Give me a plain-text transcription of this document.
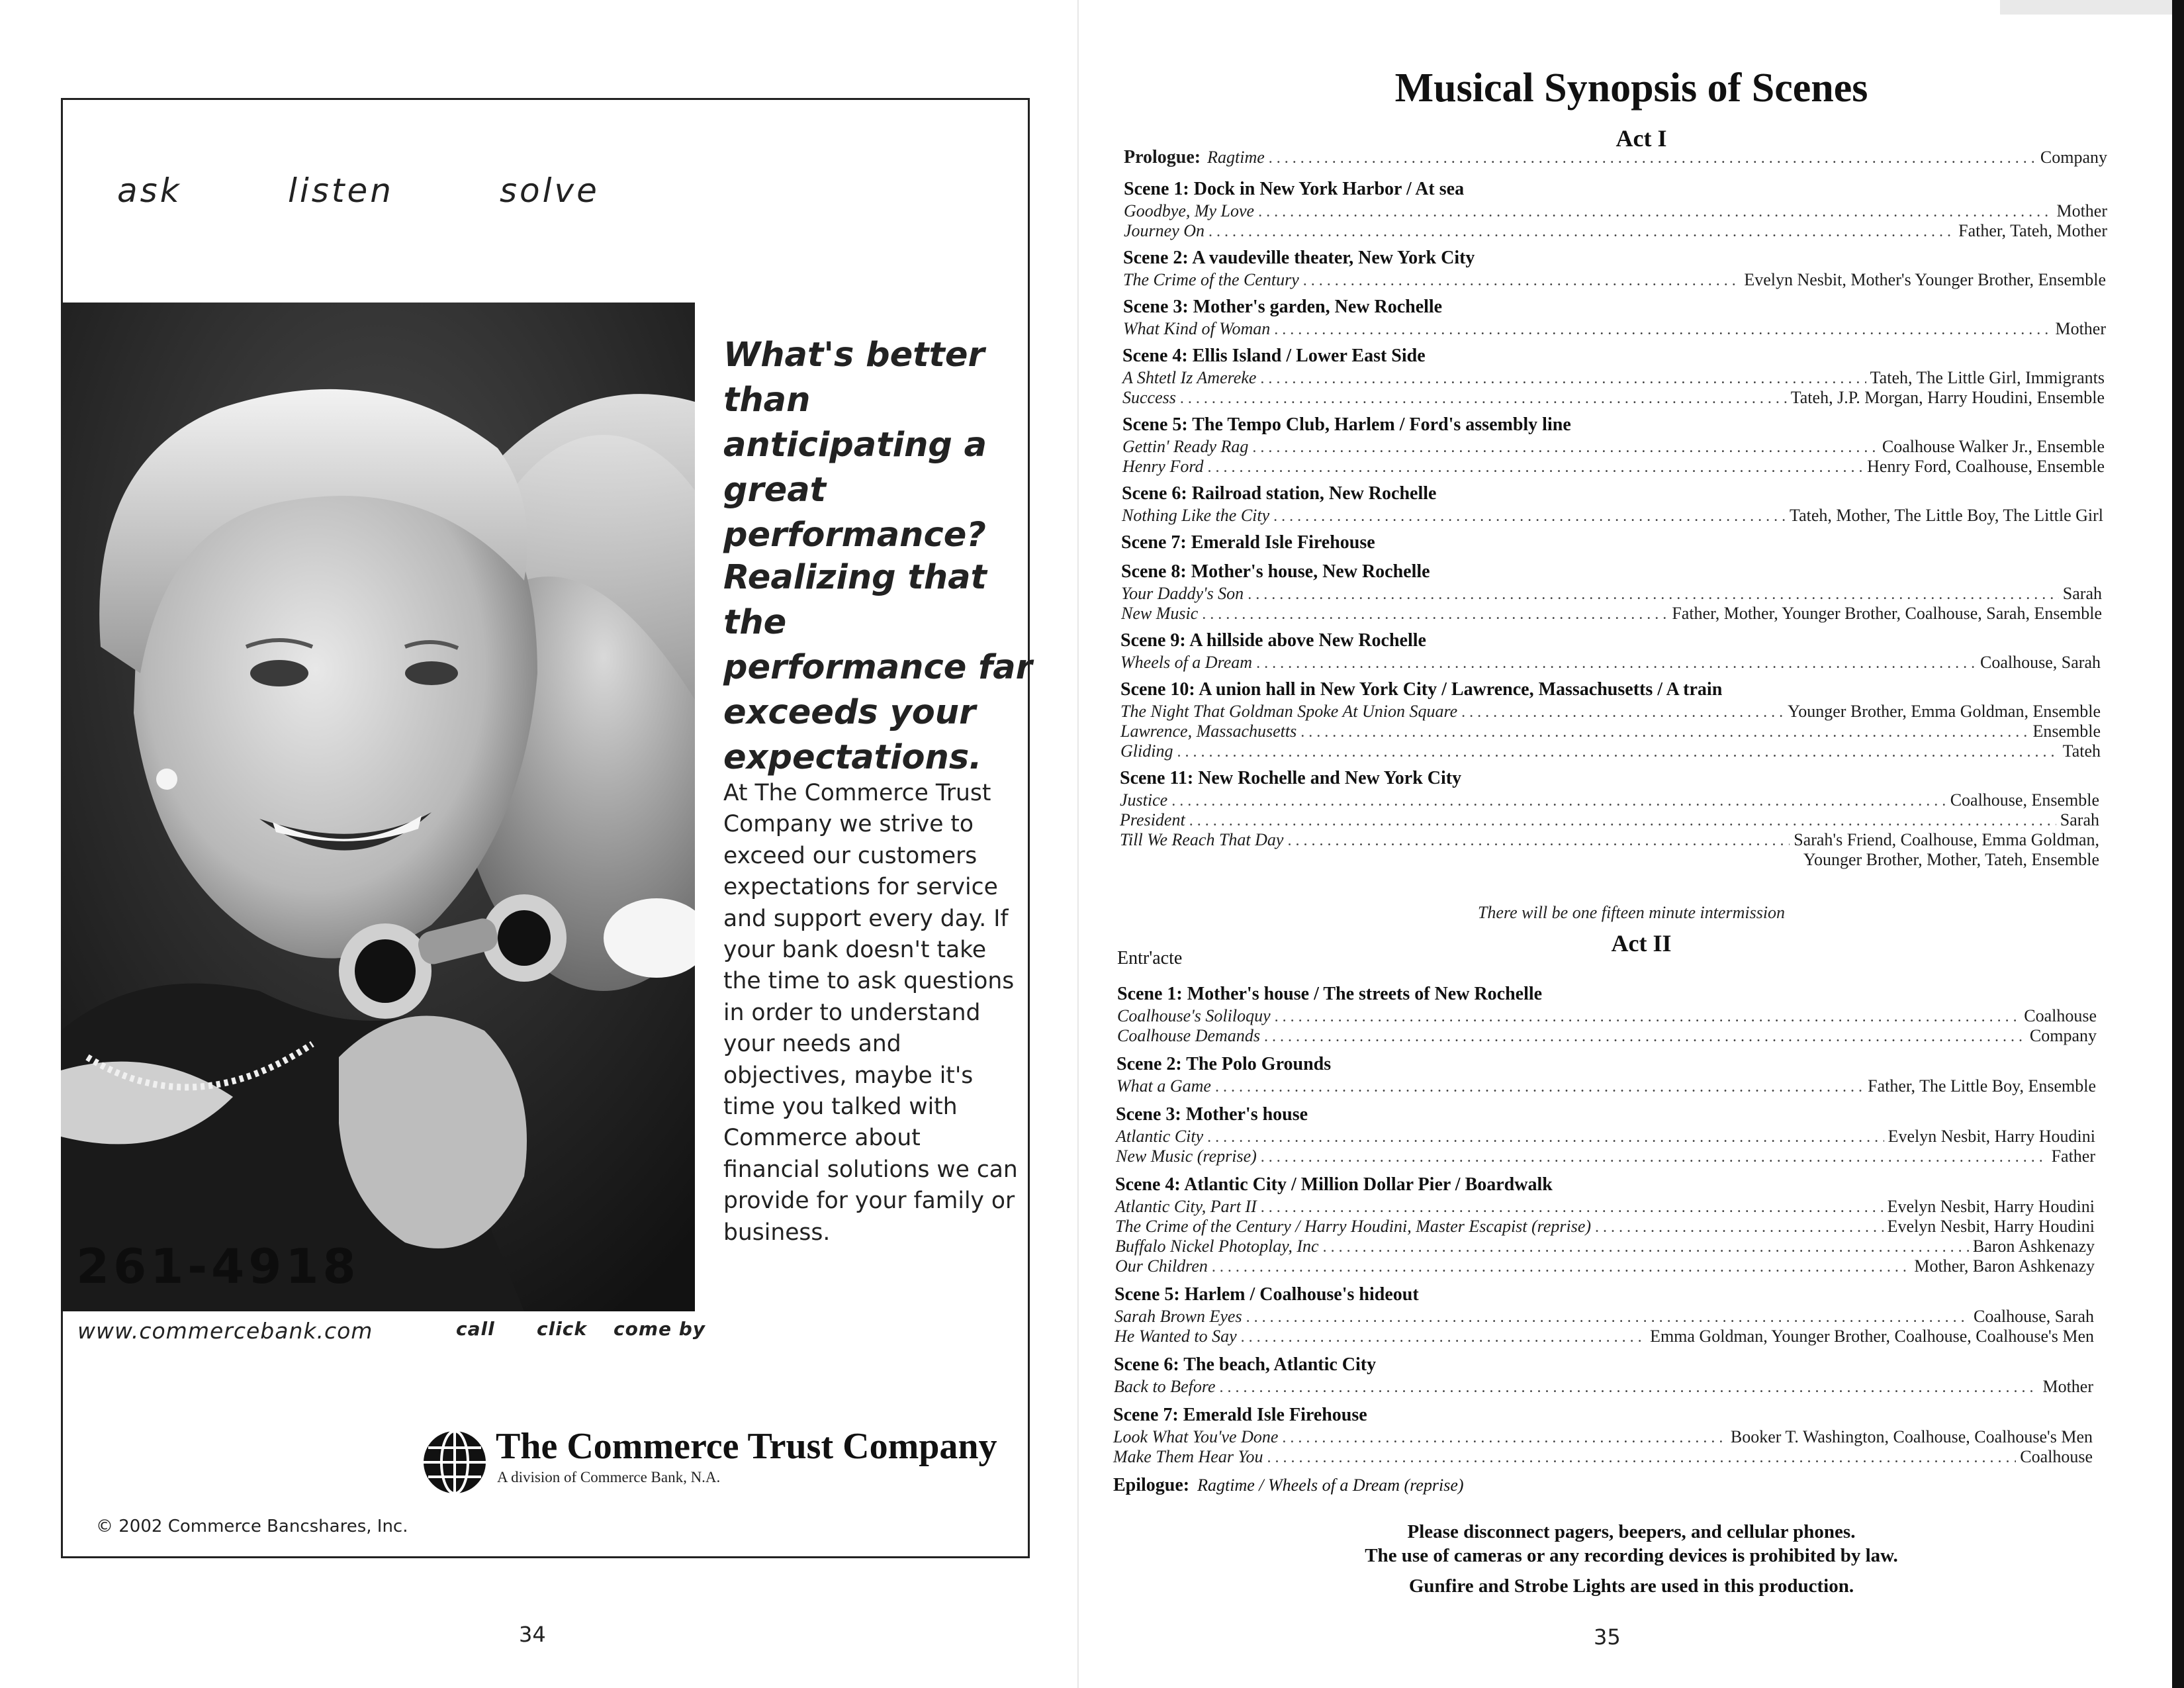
ask	listen	solve
261-4918
What's better than anticipating a great performance?
Realizing that the performance far exceeds your expectations.
At The Commerce Trust Company we strive to exceed our customers expectations for service and support every day. If your bank doesn't take the time to ask questions in order to understand your needs and objectives, maybe it's time you talked with Commerce about financial solutions we can provide for your family or business.
www.commercebank.com	call click come by
The Commerce Trust Company
A division of Commerce Bank, N.A.
© 2002 Commerce Bancshares, Inc.
34
Musical Synopsis of Scenes
Act I
Prologue: Ragtime . . .	Company
Scene 1: Dock in New York Harbor / At sea
Goodbye, My Love . . .	Mother
Journey On . . .	Father, Tateh, Mother
Scene 2: A vaudeville theater, New York City
The Crime of the Century . . .	Evelyn Nesbit, Mother's Younger Brother, Ensemble
Scene 3: Mother's garden, New Rochelle
What Kind of Woman . . .	Mother
Scene 4: Ellis Island / Lower East Side
A Shtetl Iz Amereke . . .	Tateh, The Little Girl, Immigrants
Success . . .	Tateh, J.P. Morgan, Harry Houdini, Ensemble
Scene 5: The Tempo Club, Harlem / Ford's assembly line
Gettin' Ready Rag . . .	Coalhouse Walker Jr., Ensemble
Henry Ford . . .	Henry Ford, Coalhouse, Ensemble
Scene 6: Railroad station, New Rochelle
Nothing Like the City . . .	Tateh, Mother, The Little Boy, The Little Girl
Scene 7: Emerald Isle Firehouse
Scene 8: Mother's house, New Rochelle
Your Daddy's Son . . .	Sarah
New Music . . .	Father, Mother, Younger Brother, Coalhouse, Sarah, Ensemble
Scene 9: A hillside above New Rochelle
Wheels of a Dream . . .	Coalhouse, Sarah
Scene 10: A union hall in New York City / Lawrence, Massachusetts / A train
The Night That Goldman Spoke At Union Square . . .	Younger Brother, Emma Goldman, Ensemble
Lawrence, Massachusetts . . .	Ensemble
Gliding . . .	Tateh
Scene 11: New Rochelle and New York City
Justice . . .	Coalhouse, Ensemble
President . . .	Sarah
Till We Reach That Day . . .	Sarah's Friend, Coalhouse, Emma Goldman,
Younger Brother, Mother, Tateh, Ensemble
Entr'acte
Scene 1: Mother's house / The streets of New Rochelle
Coalhouse's Soliloquy . . .	Coalhouse
Coalhouse Demands . . .	Company
Scene 2: The Polo Grounds
What a Game . . .	Father, The Little Boy, Ensemble
Scene 3: Mother's house
Atlantic City . . .	Evelyn Nesbit, Harry Houdini
New Music (reprise) . . .	Father
Scene 4: Atlantic City / Million Dollar Pier / Boardwalk
Atlantic City, Part II . . .	Evelyn Nesbit, Harry Houdini
The Crime of the Century / Harry Houdini, Master Escapist (reprise) . . .	Evelyn Nesbit, Harry Houdini
Buffalo Nickel Photoplay, Inc . . .	Baron Ashkenazy
Our Children . . .	Mother, Baron Ashkenazy
Scene 5: Harlem / Coalhouse's hideout
Sarah Brown Eyes . . .	Coalhouse, Sarah
He Wanted to Say . . .	Emma Goldman, Younger Brother, Coalhouse, Coalhouse's Men
Scene 6: The beach, Atlantic City
Back to Before . . .	Mother
Scene 7: Emerald Isle Firehouse
Look What You've Done . . .	Booker T. Washington, Coalhouse, Coalhouse's Men
Make Them Hear You . . .	Coalhouse
Epilogue: Ragtime / Wheels of a Dream (reprise)
There will be one fifteen minute intermission
Act II
Please disconnect pagers, beepers, and cellular phones.
The use of cameras or any recording devices is prohibited by law.
Gunfire and Strobe Lights are used in this production.
35
